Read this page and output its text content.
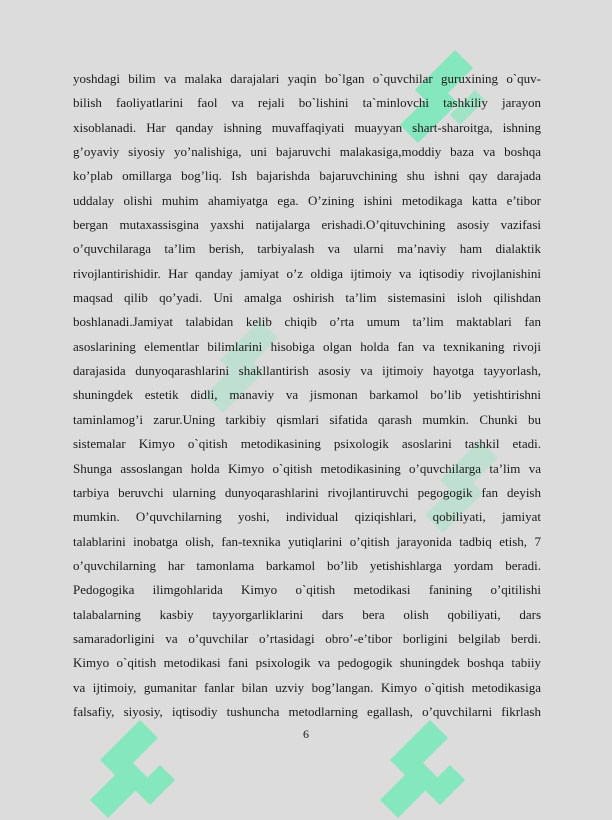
yoshdagi bilim va malaka darajalari yaqin bo`lgan o`quvchilar guruxining o`quv-
bilish faoliyatlarini faol va rejali bo`lishini ta`minlovchi tashkiliy jarayon
xisoblanadi. Har qanday ishning muvaffaqiyati muayyan shart-sharoitga, ishning
g’oyaviy siyosiy yo’nalishiga, uni bajaruvchi malakasiga,moddiy baza va boshqa
ko’plab omillarga bog’liq. Ish bajarishda bajaruvchining shu ishni qay darajada
uddalay olishi muhim ahamiyatga ega. O’zining ishini metodikaga katta e’tibor
bergan mutaxassisgina yaxshi natijalarga erishadi.O’qituvchining asosiy vazifasi
o’quvchilaraga ta’lim berish, tarbiyalash va ularni ma’naviy ham dialaktik
rivojlantirishidir. Har qanday jamiyat o’z oldiga ijtimoiy va iqtisodiy rivojlanishini
maqsad qilib qo’yadi. Uni amalga oshirish ta’lim sistemasini isloh qilishdan
boshlanadi.Jamiyat talabidan kelib chiqib o’rta umum ta’lim maktablari fan
asoslarining elementlar bilimlarini hisobiga olgan holda fan va texnikaning rivoji
darajasida dunyoqarashlarini shakllantirish asosiy va ijtimoiy hayotga tayyorlash,
shuningdek estetik didli, manaviy va jismonan barkamol bo’lib yetishtirishni
taminlamog’i zarur.Uning tarkibiy qismlari sifatida qarash mumkin. Chunki bu
sistemalar Kimyo o`qitish metodikasining psixologik asoslarini tashkil etadi.
Shunga assoslangan holda Kimyo o`qitish metodikasining o’quvchilarga ta’lim va
tarbiya beruvchi ularning dunyoqarashlarini rivojlantiruvchi pegogogik fan deyish
mumkin. O’quvchilarning yoshi, individual qiziqishlari, qobiliyati, jamiyat
talablarini inobatga olish, fan-texnika yutiqlarini o’qitish jarayonida tadbiq etish, 7
o’quvchilarning har tamonlama barkamol bo’lib yetishishlarga yordam beradi.
Pedogogika ilimgohlarida Kimyo o`qitish metodikasi fanining o’qitilishi
talabalarning kasbiy tayyorgarliklarini dars bera olish qobiliyati, dars
samaradorligini va o’quvchilar o’rtasidagi obro’-e’tibor borligini belgilab berdi.
Kimyo o`qitish metodikasi fani psixologik va pedogogik shuningdek boshqa tabiiy
va ijtimoiy, gumanitar fanlar bilan uzviy bog’langan. Kimyo o`qitish metodikasiga
falsafiy, siyosiy, iqtisodiy tushuncha metodlarning egallash, o’quvchilarni fikrlash
6
